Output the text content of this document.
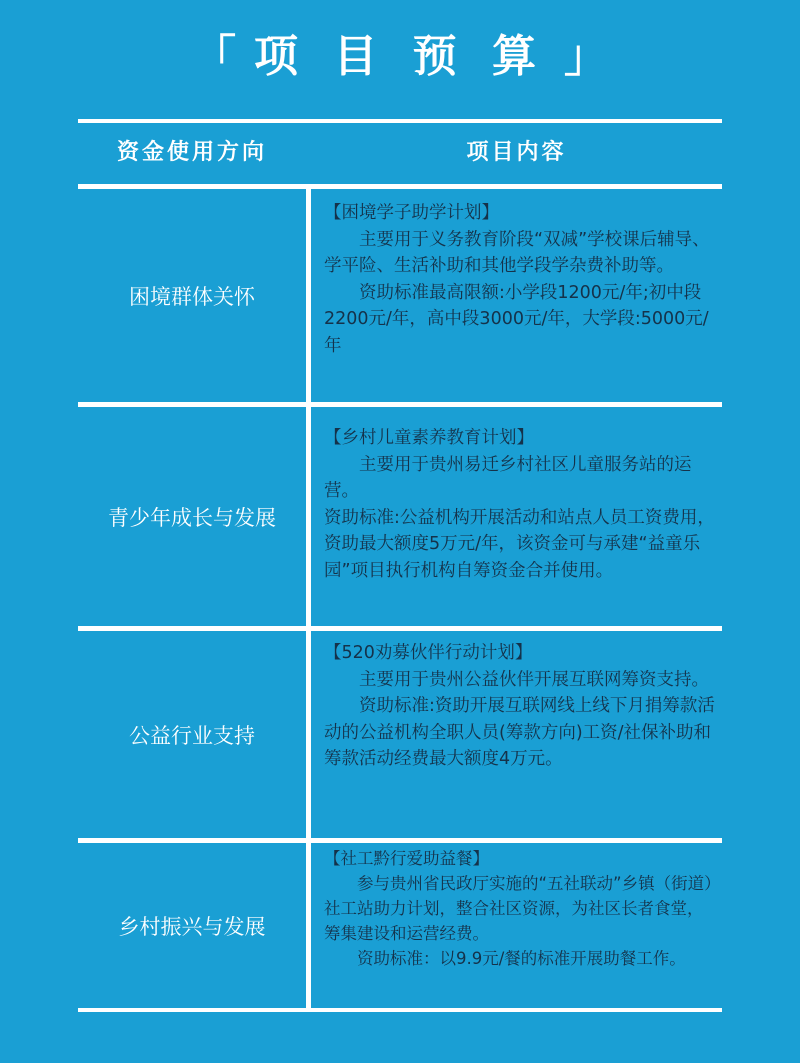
「 项 目 预 算 」
资金使用方向	项目内容
困境群体关怀

【困境学子助学计划】

主要用于义务教育阶段“双减”学校课后辅导、学平险、生活补助和其他学段学杂费补助等。

资助标准最高限额:小学段1200元/年;初中段2200元/年，高中段3000元/年，大学段:5000元/年

青少年成长与发展

【乡村儿童素养教育计划】

主要用于贵州易迁乡村社区儿童服务站的运营。

资助标准:公益机构开展活动和站点人员工资费用，资助最大额度5万元/年，该资金可与承建“益童乐园”项目执行机构自筹资金合并使用。

公益行业支持

【520劝募伙伴行动计划】

主要用于贵州公益伙伴开展互联网筹资支持。

资助标准:资助开展互联网线上线下月捐筹款活动的公益机构全职人员(筹款方向)工资/社保补助和筹款活动经费最大额度4万元。

乡村振兴与发展

【社工黔行爱助益餐】

参与贵州省民政厅实施的“五社联动”乡镇（街道）社工站助力计划，整合社区资源，为社区长者食堂，筹集建设和运营经费。

资助标准：以9.9元/餐的标准开展助餐工作。
